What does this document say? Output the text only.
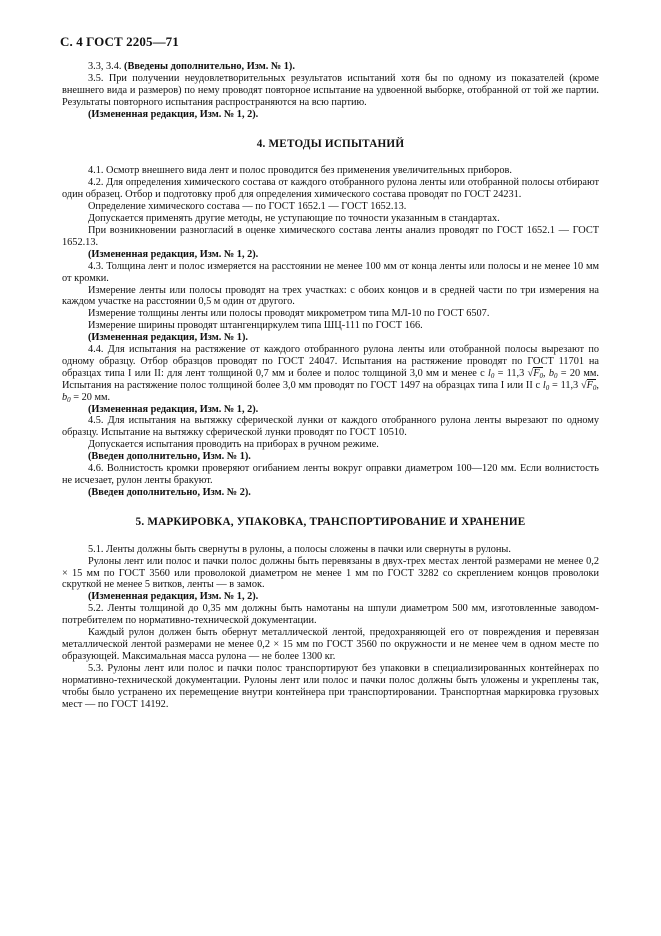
С. 4 ГОСТ 2205—71

3.3, 3.4. (Введены дополнительно, Изм. № 1).

3.5. При получении неудовлетворительных результатов испытаний хотя бы по одному из показателей (кроме внешнего вида и размеров) по нему проводят повторное испытание на удвоенной выборке, отобранной от той же партии. Результаты повторного испытания распространяются на всю партию.

(Измененная редакция, Изм. № 1, 2).

4. МЕТОДЫ ИСПЫТАНИЙ

4.1. Осмотр внешнего вида лент и полос проводится без применения увеличительных приборов.

4.2. Для определения химического состава от каждого отобранного рулона ленты или отобранной полосы отбирают один образец. Отбор и подготовку проб для определения химического состава проводят по ГОСТ 24231.

Определение химического состава — по ГОСТ 1652.1 — ГОСТ 1652.13.

Допускается применять другие методы, не уступающие по точности указанным в стандартах.

При возникновении разногласий в оценке химического состава ленты анализ проводят по ГОСТ 1652.1 — ГОСТ 1652.13.

(Измененная редакция, Изм. № 1, 2).

4.3. Толщина лент и полос измеряется на расстоянии не менее 100 мм от конца ленты или полосы и не менее 10 мм от кромки.

Измерение ленты или полосы проводят на трех участках: с обоих концов и в средней части по три измерения на каждом участке на расстоянии 0,5 м один от другого.

Измерение толщины ленты или полосы проводят микрометром типа МЛ-10 по ГОСТ 6507.

Измерение ширины проводят штангенциркулем типа ШЦ-111 по ГОСТ 166.

(Измененная редакция, Изм. № 1).

4.4. Для испытания на растяжение от каждого отобранного рулона ленты или отобранной полосы вырезают по одному образцу. Отбор образцов проводят по ГОСТ 24047. Испытания на растяжение проводят по ГОСТ 11701 на образцах типа I или II: для лент толщиной 0,7 мм и более и полос толщиной 3,0 мм и менее с $l_0 = 11,3$ $√F_0$, $b_0 = 20$ мм. Испытания на растяжение полос толщиной более 3,0 мм проводят по ГОСТ 1497 на образцах типа I или II с $l_0 = 11,3$ $√F_0$, $b_0 = 20$ мм.

(Измененная редакция, Изм. № 1, 2).

4.5. Для испытания на вытяжку сферической лунки от каждого отобранного рулона ленты вырезают по одному образцу. Испытание на вытяжку сферической лунки проводят по ГОСТ 10510.

Допускается испытания проводить на приборах в ручном режиме.

(Введен дополнительно, Изм. № 1).

4.6. Волнистость кромки проверяют огибанием ленты вокруг оправки диаметром 100—120 мм. Если волнистость не исчезает, рулон ленты бракуют.

(Введен дополнительно, Изм. № 2).

5. МАРКИРОВКА, УПАКОВКА, ТРАНСПОРТИРОВАНИЕ И ХРАНЕНИЕ

5.1. Ленты должны быть свернуты в рулоны, а полосы сложены в пачки или свернуты в рулоны.

Рулоны лент или полос и пачки полос должны быть перевязаны в двух-трех местах лентой размерами не менее 0,2 × 15 мм по ГОСТ 3560 или проволокой диаметром не менее 1 мм по ГОСТ 3282 со скреплением концов проволоки скруткой не менее 5 витков, ленты — в замок.

(Измененная редакция, Изм. № 1, 2).

5.2. Ленты толщиной до 0,35 мм должны быть намотаны на шпули диаметром 500 мм, изготовленные заводом-потребителем по нормативно-технической документации.

Каждый рулон должен быть обернут металлической лентой, предохраняющей его от повреждения и перевязан металлической лентой размерами не менее 0,2 × 15 мм по ГОСТ 3560 по окружности и не менее чем в одном месте по образующей. Максимальная масса рулона — не более 1300 кг.

5.3. Рулоны лент или полос и пачки полос транспортируют без упаковки в специализированных контейнерах по нормативно-технической документации. Рулоны лент или полос и пачки полос должны быть уложены и укреплены так, чтобы было устранено их перемещение внутри контейнера при транспортировании. Транспортная маркировка грузовых мест — по ГОСТ 14192.
